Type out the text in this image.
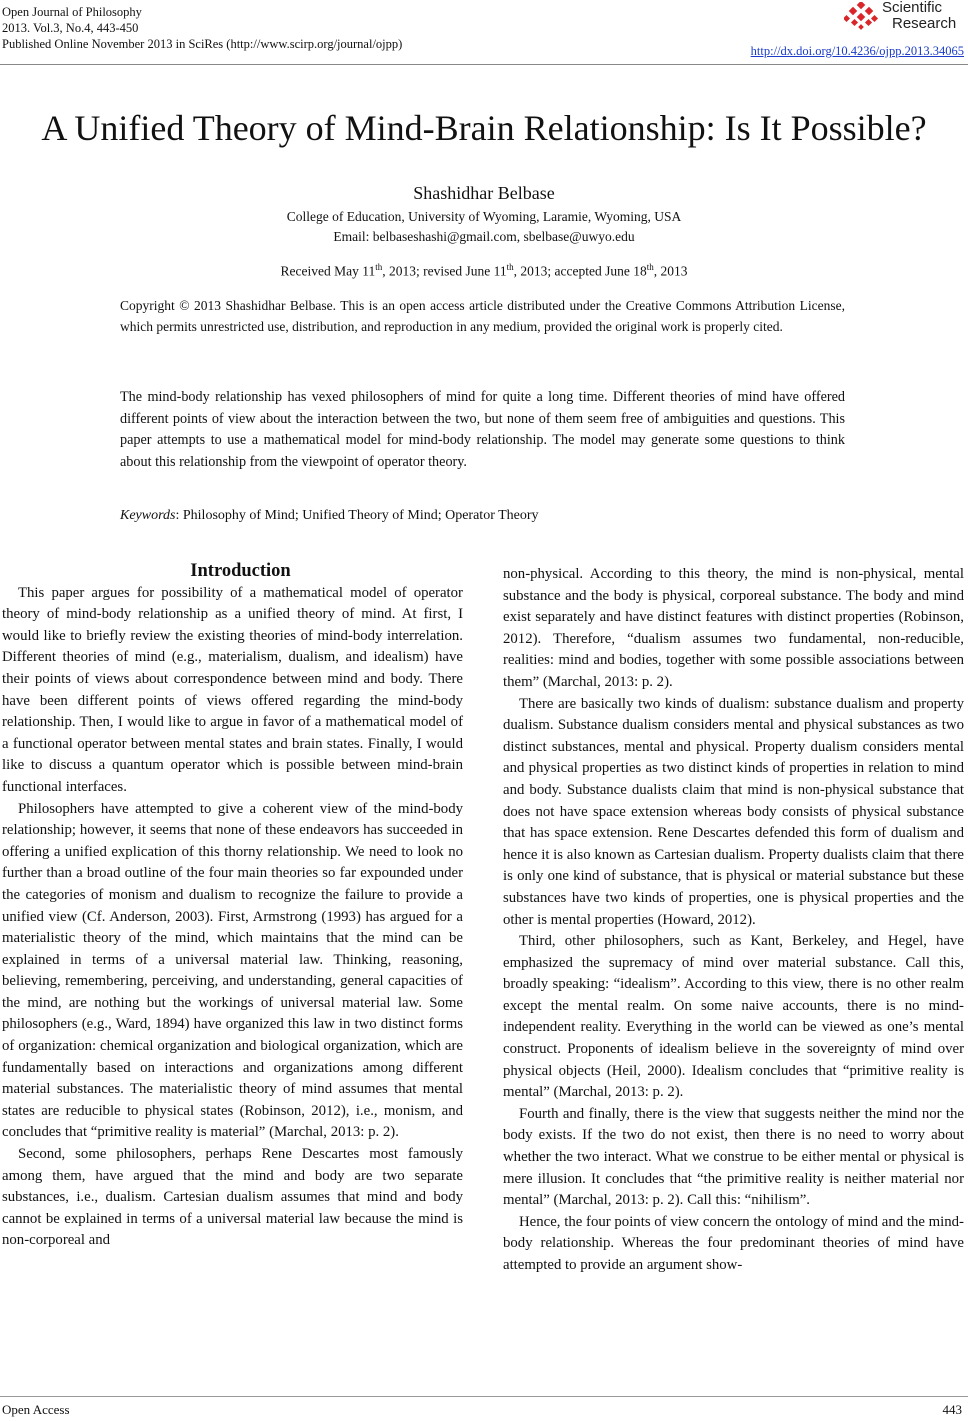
Open Journal of Philosophy
2013. Vol.3, No.4, 443-450
Published Online November 2013 in SciRes (http://www.scirp.org/journal/ojpp)
Scientific
Research
http://dx.doi.org/10.4236/ojpp.2013.34065
A Unified Theory of Mind-Brain Relationship: Is It Possible?
Shashidhar Belbase
College of Education, University of Wyoming, Laramie, Wyoming, USA
Email: belbaseshashi@gmail.com, sbelbase@uwyo.edu
Received May 11th, 2013; revised June 11th, 2013; accepted June 18th, 2013
Copyright © 2013 Shashidhar Belbase. This is an open access article distributed under the Creative Commons Attribution License, which permits unrestricted use, distribution, and reproduction in any medium, provided the original work is properly cited.
The mind-body relationship has vexed philosophers of mind for quite a long time. Different theories of mind have offered different points of view about the interaction between the two, but none of them seem free of ambiguities and questions. This paper attempts to use a mathematical model for mind-body relationship. The model may generate some questions to think about this relationship from the viewpoint of operator theory.
Keywords: Philosophy of Mind; Unified Theory of Mind; Operator Theory

Introduction

This paper argues for possibility of a mathematical model of operator theory of mind-body relationship as a unified theory of mind. At first, I would like to briefly review the existing theories of mind-body interrelation. Different theories of mind (e.g., materialism, dualism, and idealism) have their points of views about correspondence between mind and body. There have been different points of views offered regarding the mind-body relationship. Then, I would like to argue in favor of a mathematical model of a functional operator between mental states and brain states. Finally, I would like to discuss a quantum operator which is possible between mind-brain functional interfaces.

Philosophers have attempted to give a coherent view of the mind-body relationship; however, it seems that none of these endeavors has succeeded in offering a unified explication of this thorny relationship. We need to look no further than a broad outline of the four main theories so far expounded under the categories of monism and dualism to recognize the failure to provide a unified view (Cf. Anderson, 2003). First, Armstrong (1993) has argued for a materialistic theory of the mind, which maintains that the mind can be explained in terms of a universal material law. Thinking, reasoning, believing, remembering, perceiving, and understanding, general capacities of the mind, are nothing but the workings of universal material law. Some philosophers (e.g., Ward, 1894) have organized this law in two distinct forms of organization: chemical organization and biological organization, which are fundamentally based on interactions and organizations among different material substances. The materialistic theory of mind assumes that mental states are reducible to physical states (Robinson, 2012), i.e., monism, and concludes that “primitive reality is material” (Marchal, 2013: p. 2).

Second, some philosophers, perhaps Rene Descartes most famously among them, have argued that the mind and body are two separate substances, i.e., dualism. Cartesian dualism assumes that mind and body cannot be explained in terms of a universal material law because the mind is non-corporeal and

non-physical. According to this theory, the mind is non-physical, mental substance and the body is physical, corporeal substance. The body and mind exist separately and have distinct features with distinct properties (Robinson, 2012). Therefore, “dualism assumes two fundamental, non-reducible, realities: mind and bodies, together with some possible associations between them” (Marchal, 2013: p. 2).

There are basically two kinds of dualism: substance dualism and property dualism. Substance dualism considers mental and physical substances as two distinct substances, mental and physical. Property dualism considers mental and physical properties as two distinct kinds of properties in relation to mind and body. Substance dualists claim that mind is non-physical substance that does not have space extension whereas body consists of physical substance that has space extension. Rene Descartes defended this form of dualism and hence it is also known as Cartesian dualism. Property dualists claim that there is only one kind of substance, that is physical or material substance but these substances have two kinds of properties, one is physical properties and the other is mental properties (Howard, 2012).

Third, other philosophers, such as Kant, Berkeley, and Hegel, have emphasized the supremacy of mind over material substance. Call this, broadly speaking: “idealism”. According to this view, there is no other realm except the mental realm. On some naive accounts, there is no mind-independent reality. Everything in the world can be viewed as one’s mental construct. Proponents of idealism believe in the sovereignty of mind over physical objects (Heil, 2000). Idealism concludes that “primitive reality is mental” (Marchal, 2013: p. 2).

Fourth and finally, there is the view that suggests neither the mind nor the body exists. If the two do not exist, then there is no need to worry about whether the two interact. What we construe to be either mental or physical is mere illusion. It concludes that “the primitive reality is neither material nor mental” (Marchal, 2013: p. 2). Call this: “nihilism”.

Hence, the four points of view concern the ontology of mind and the mind-body relationship. Whereas the four predominant theories of mind have attempted to provide an argument show-

Open Access	443
